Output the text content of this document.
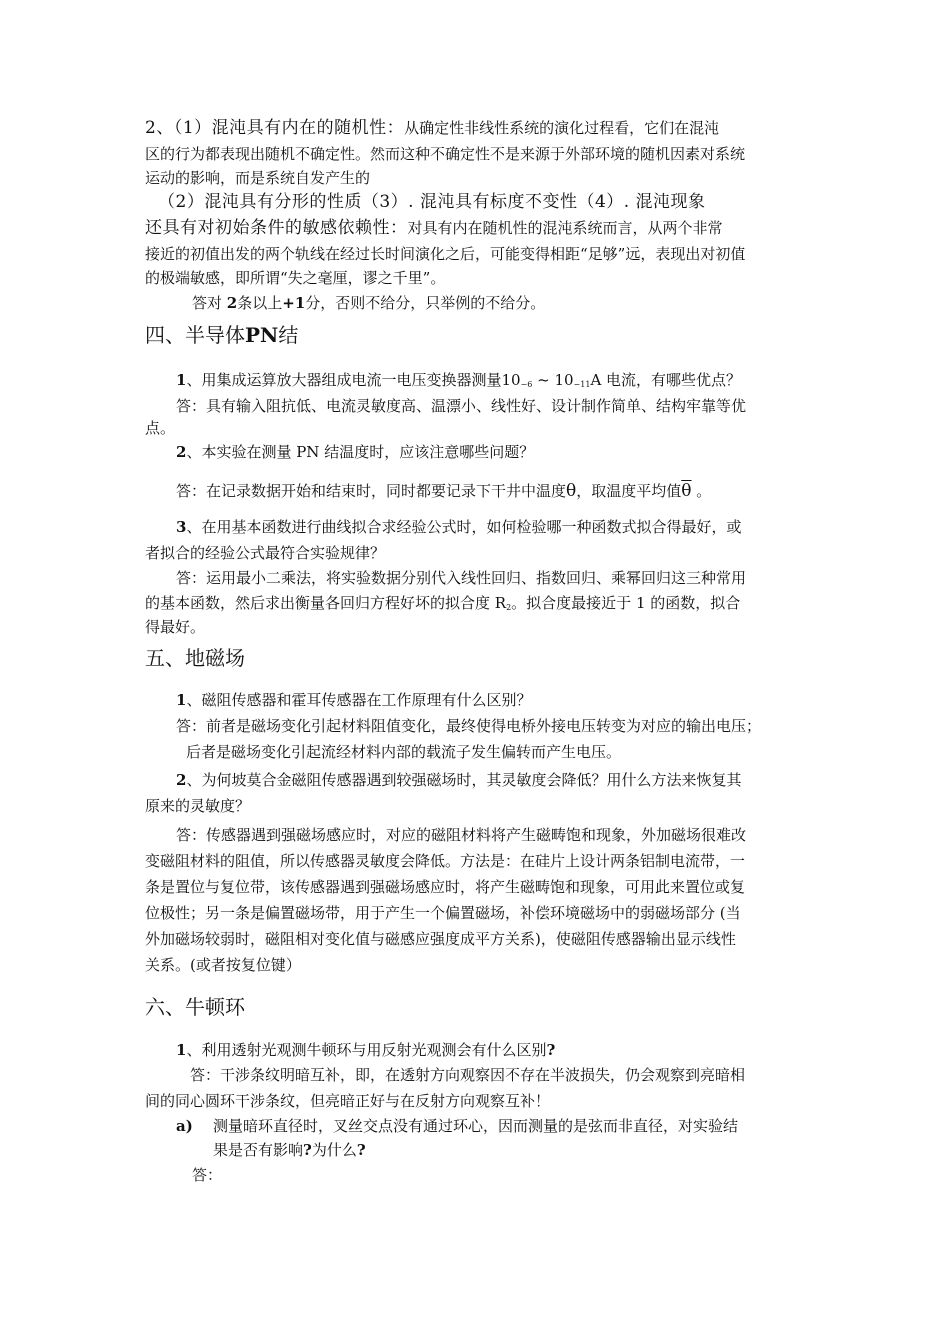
2、（1）混沌具有内在的随机性：从确定性非线性系统的演化过程看，它们在混沌
区的行为都表现出随机不确定性。然而这种不确定性不是来源于外部环境的随机因素对系统
运动的影响，而是系统自发产生的
（2）混沌具有分形的性质（3）. 混沌具有标度不变性（4）. 混沌现象
还具有对初始条件的敏感依赖性：对具有内在随机性的混沌系统而言，从两个非常
接近的初值出发的两个轨线在经过长时间演化之后，可能变得相距“足够”远，表现出对初值
的极端敏感，即所谓“失之毫厘，谬之千里”。
答对 2条以上+1分，否则不给分，只举例的不给分。
四、半导体PN结
1、用集成运算放大器组成电流一电压变换器测量$10_{-6}$ ~ $10_{-11}A$ 电流，有哪些优点？
答：具有输入阻抗低、电流灵敏度高、温漂小、线性好、设计制作简单、结构牢靠等优
点。
2、本实验在测量 PN 结温度时，应该注意哪些问题？
答：在记录数据开始和结束时，同时都要记录下干井中温度θ，取温度平均值$\overline{\theta}$ 。
3、在用基本函数进行曲线拟合求经验公式时，如何检验哪一种函数式拟合得最好，或
者拟合的经验公式最符合实验规律？
答：运用最小二乘法，将实验数据分别代入线性回归、指数回归、乘幂回归这三种常用
的基本函数，然后求出衡量各回归方程好坏的拟合度 $R_2$。拟合度最接近于 1 的函数，拟合
得最好。
五、地磁场
1、磁阻传感器和霍耳传感器在工作原理有什么区别？
答：前者是磁场变化引起材料阻值变化，最终使得电桥外接电压转变为对应的输出电压；
后者是磁场变化引起流经材料内部的载流子发生偏转而产生电压。
2、为何坡莫合金磁阻传感器遇到较强磁场时，其灵敏度会降低？用什么方法来恢复其
原来的灵敏度？
答：传感器遇到强磁场感应时，对应的磁阻材料将产生磁畴饱和现象，外加磁场很难改
变磁阻材料的阻值，所以传感器灵敏度会降低。方法是：在硅片上设计两条铝制电流带，一
条是置位与复位带，该传感器遇到强磁场感应时，将产生磁畴饱和现象，可用此来置位或复
位极性；另一条是偏置磁场带，用于产生一个偏置磁场，补偿环境磁场中的弱磁场部分 (当
外加磁场较弱时，磁阻相对变化值与磁感应强度成平方关系)，使磁阻传感器输出显示线性
关系。(或者按复位键）
六、牛顿环
1、利用透射光观测牛顿环与用反射光观测会有什么区别?
答：干涉条纹明暗互补，即，在透射方向观察因不存在半波损失，仍会观察到亮暗相
间的同心圆环干涉条纹，但亮暗正好与在反射方向观察互补！
a) 测量暗环直径时，叉丝交点没有通过环心，因而测量的是弦而非直径，对实验结
果是否有影响?为什么?
答：
